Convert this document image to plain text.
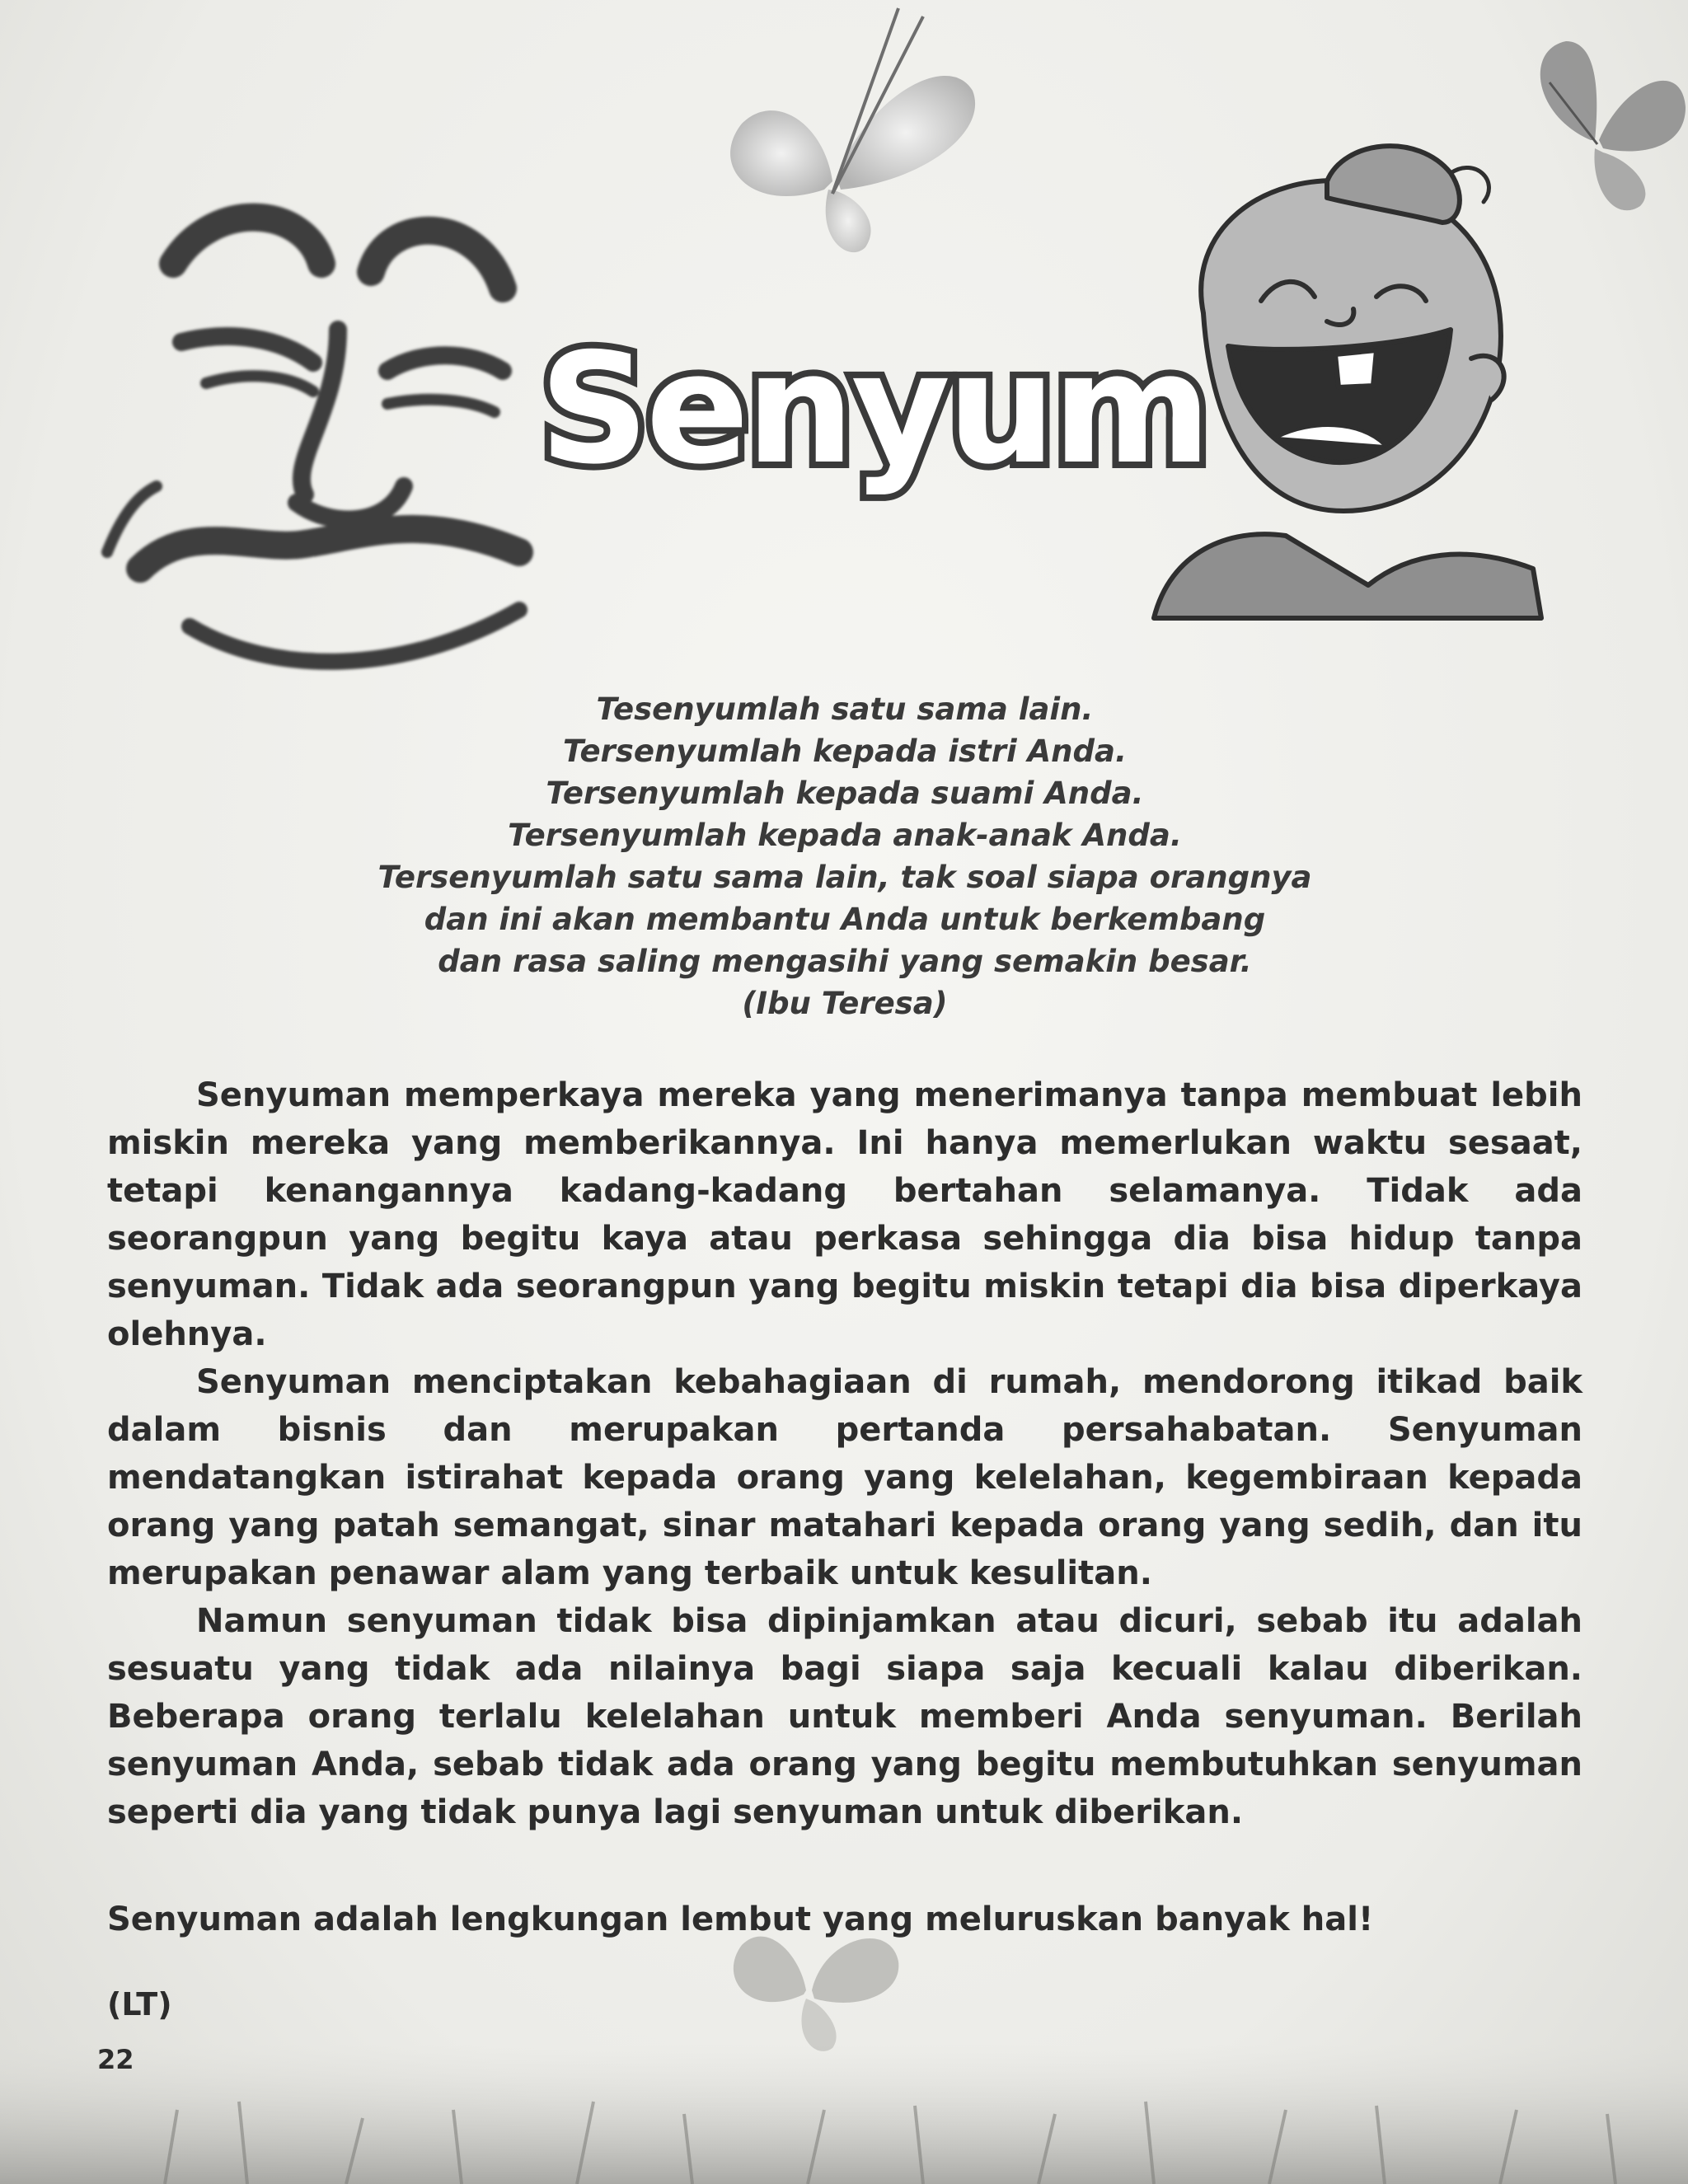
Senyum
Tesenyumlah satu sama lain.
Tersenyumlah kepada istri Anda.
Tersenyumlah kepada suami Anda.
Tersenyumlah kepada anak-anak Anda.
Tersenyumlah satu sama lain, tak soal siapa orangnya
dan ini akan membantu Anda untuk berkembang
dan rasa saling mengasihi yang semakin besar.
(Ibu Teresa)

Senyuman memperkaya mereka yang menerimanya tanpa membuat lebih miskin mereka yang memberikannya. Ini hanya memerlukan waktu sesaat, tetapi kenangannya kadang-kadang bertahan selamanya. Tidak ada seorangpun yang begitu kaya atau perkasa sehingga dia bisa hidup tanpa senyuman. Tidak ada seorangpun yang begitu miskin tetapi dia bisa diperkaya olehnya.

Senyuman menciptakan kebahagiaan di rumah, mendorong itikad baik dalam bisnis dan merupakan pertanda persahabatan. Senyuman mendatangkan istirahat kepada orang yang kelelahan, kegembiraan kepada orang yang patah semangat, sinar matahari kepada orang yang sedih, dan itu merupakan penawar alam yang terbaik untuk kesulitan.

Namun senyuman tidak bisa dipinjamkan atau dicuri, sebab itu adalah sesuatu yang tidak ada nilainya bagi siapa saja kecuali kalau diberikan. Beberapa orang terlalu kelelahan untuk memberi Anda senyuman. Berilah senyuman Anda, sebab tidak ada orang yang begitu membutuhkan senyuman seperti dia yang tidak punya lagi senyuman untuk diberikan.

Senyuman adalah lengkungan lembut yang meluruskan banyak hal!
(LT)
22
